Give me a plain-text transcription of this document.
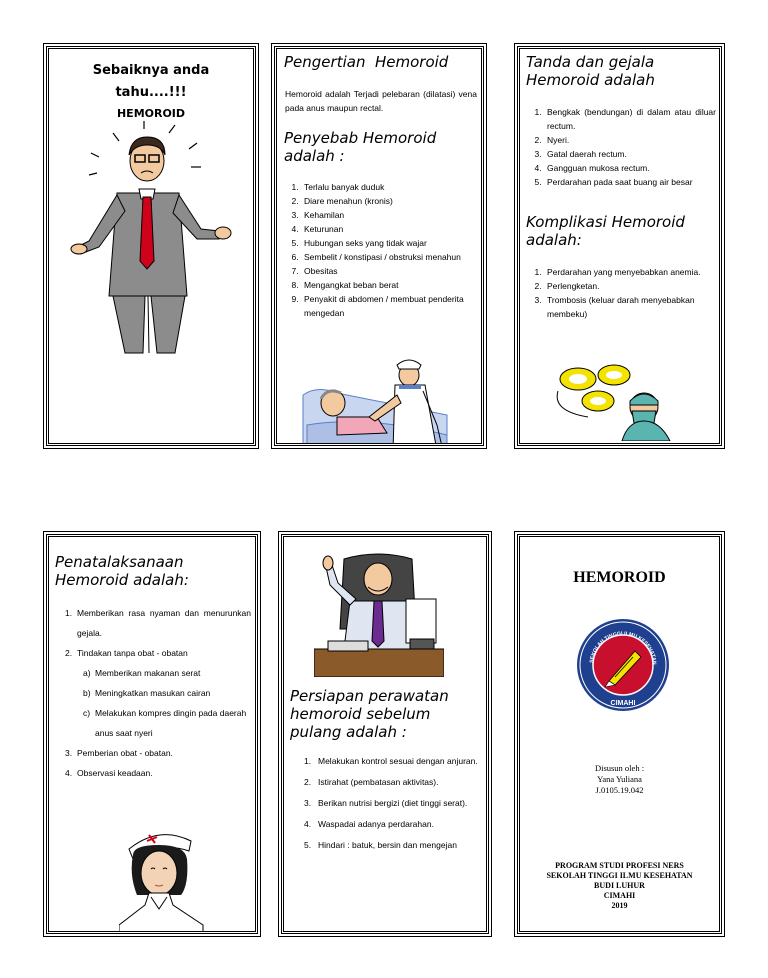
Sebaiknya anda
tahu....!!!
HEMOROID
Pengertian  Hemoroid
Hemoroid adalah Terjadi pelebaran (dilatasi) vena pada anus maupun rectal.
Penyebab Hemoroid adalah :
1. Terlalu banyak duduk
2. Diare menahun (kronis)
3. Kehamilan
4. Keturunan
5. Hubungan seks yang tidak wajar
6. Sembelit / konstipasi / obstruksi menahun
7. Obesitas
8. Mengangkat beban berat
9. Penyakit di abdomen / membuat penderita mengedan
Tanda dan gejala Hemoroid adalah
1. Bengkak (bendungan) di dalam atau diluar rectum.
2. Nyeri.
3. Gatal daerah rectum.
4. Gangguan mukosa rectum.
5. Perdarahan pada saat buang air besar
Komplikasi Hemoroid adalah:
1. Perdarahan yang menyebabkan anemia.
2. Perlengketan.
3. Trombosis (keluar darah menyebabkan membeku)
Penatalaksanaan Hemoroid adalah:
1. Memberikan rasa nyaman dan menurunkan gejala.
2. Tindakan tanpa obat - obatan
a) Memberikan makanan serat
b) Meningkatkan masukan cairan
c) Melakukan kompres dingin pada daerah anus saat nyeri
3. Pemberian obat - obatan.
4. Observasi keadaan.
Persiapan perawatan hemoroid sebelum pulang adalah :
1. Melakukan kontrol sesuai dengan anjuran.
2. Istirahat (pembatasan aktivitas).
3. Berikan nutrisi bergizi (diet tinggi serat).
4. Waspadai adanya perdarahan.
5. Hindari : batuk, bersin dan mengejan
HEMOROID
SEKOLAH TINGGI ILMU KESEHATAN
CIMAHI
Disusun oleh :
Yana Yuliana
J.0105.19.042
PROGRAM STUDI PROFESI NERS
SEKOLAH TINGGI ILMU KESEHATAN
BUDI LUHUR
CIMAHI
2019
